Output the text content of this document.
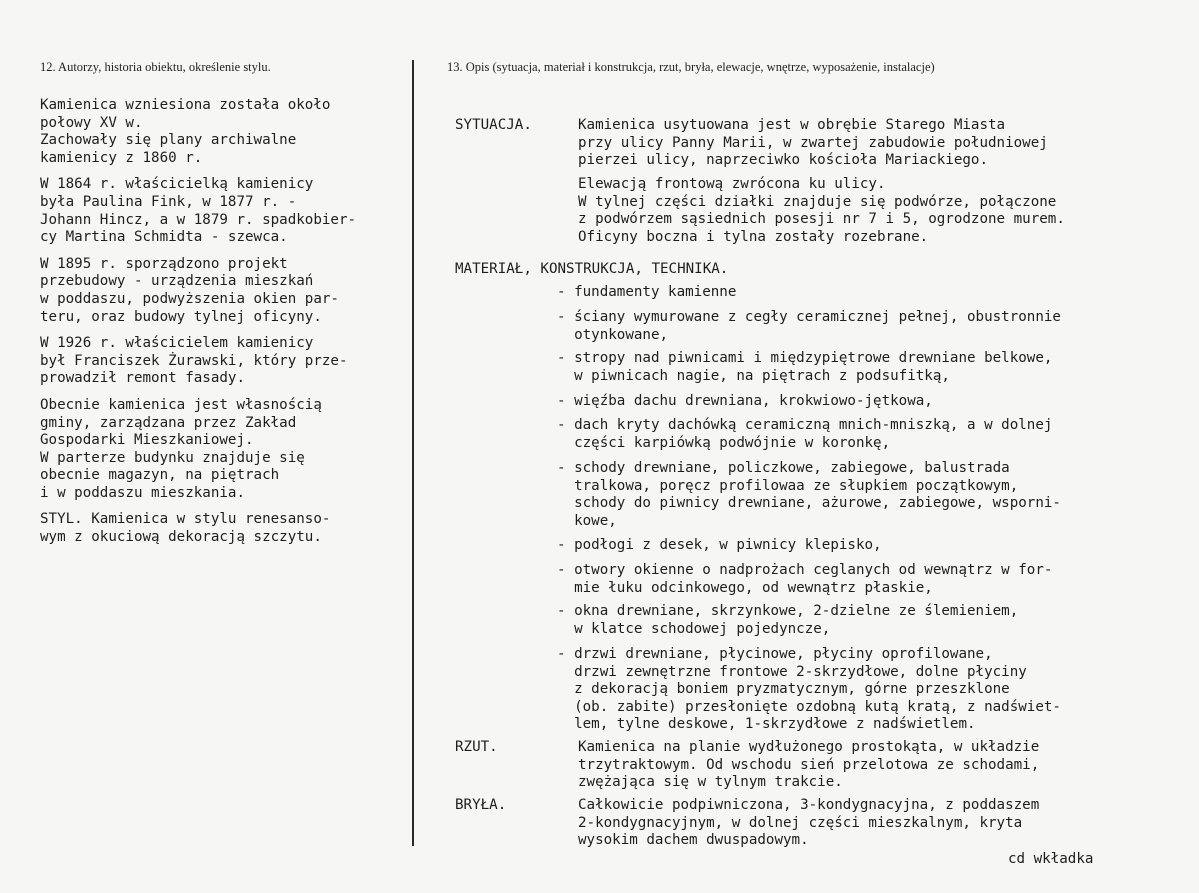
12. Autorzy, historia obiektu, określenie stylu.	13. Opis (sytuacja, materiał i konstrukcja, rzut, bryła, elewacje, wnętrze, wyposażenie, instalacje)
Kamienica wzniesiona została około
połowy XV w.
Zachowały się plany archiwalne
kamienicy z 1860 r.
W 1864 r. właścicielką kamienicy
była Paulina Fink, w 1877 r. -
Johann Hincz, a w 1879 r. spadkobier-
cy Martina Schmidta - szewca.
W 1895 r. sporządzono projekt
przebudowy - urządzenia mieszkań
w poddaszu, podwyższenia okien par-
teru, oraz budowy tylnej oficyny.
W 1926 r. właścicielem kamienicy
był Franciszek Żurawski, który prze-
prowadził remont fasady.
Obecnie kamienica jest własnością
gminy, zarządzana przez Zakład
Gospodarki Mieszkaniowej.
W parterze budynku znajduje się
obecnie magazyn, na piętrach
i w poddaszu mieszkania.
STYL. Kamienica w stylu renesanso-
wym z okuciową dekoracją szczytu.
SYTUACJA.	Kamienica usytuowana jest w obrębie Starego Miasta
przy ulicy Panny Marii, w zwartej zabudowie południowej
pierzei ulicy, naprzeciwko kościoła Mariackiego.
Elewacją frontową zwrócona ku ulicy.
W tylnej części działki znajduje się podwórze, połączone
z podwórzem sąsiednich posesji nr 7 i 5, ogrodzone murem.
Oficyny boczna i tylna zostały rozebrane.
MATERIAŁ, KONSTRUKCJA, TECHNIKA.
- fundamenty kamienne
- ściany wymurowane z cegły ceramicznej pełnej, obustronnie
otynkowane,
- stropy nad piwnicami i międzypiętrowe drewniane belkowe,
w piwnicach nagie, na piętrach z podsufitką,
- więźba dachu drewniana, krokwiowo-jętkowa,
- dach kryty dachówką ceramiczną mnich-mniszką, a w dolnej
części karpiówką podwójnie w koronkę,
- schody drewniane, policzkowe, zabiegowe, balustrada
tralkowa, poręcz profilowaa ze słupkiem początkowym,
schody do piwnicy drewniane, ażurowe, zabiegowe, wsporni-
kowe,
- podłogi z desek, w piwnicy klepisko,
- otwory okienne o nadprożach ceglanych od wewnątrz w for-
mie łuku odcinkowego, od wewnątrz płaskie,
- okna drewniane, skrzynkowe, 2-dzielne ze ślemieniem,
w klatce schodowej pojedyncze,
- drzwi drewniane, płycinowe, płyciny oprofilowane,
drzwi zewnętrzne frontowe 2-skrzydłowe, dolne płyciny
z dekoracją boniem pryzmatycznym, górne przeszklone
(ob. zabite) przesłonięte ozdobną kutą kratą, z nadświet-
lem, tylne deskowe, 1-skrzydłowe z nadświetlem.
RZUT.	Kamienica na planie wydłużonego prostokąta, w układzie
trzytraktowym. Od wschodu sień przelotowa ze schodami,
zwężająca się w tylnym trakcie.
BRYŁA.	Całkowicie podpiwniczona, 3-kondygnacyjna, z poddaszem
2-kondygnacyjnym, w dolnej części mieszkalnym, kryta
wysokim dachem dwuspadowym.
cd wkładka
